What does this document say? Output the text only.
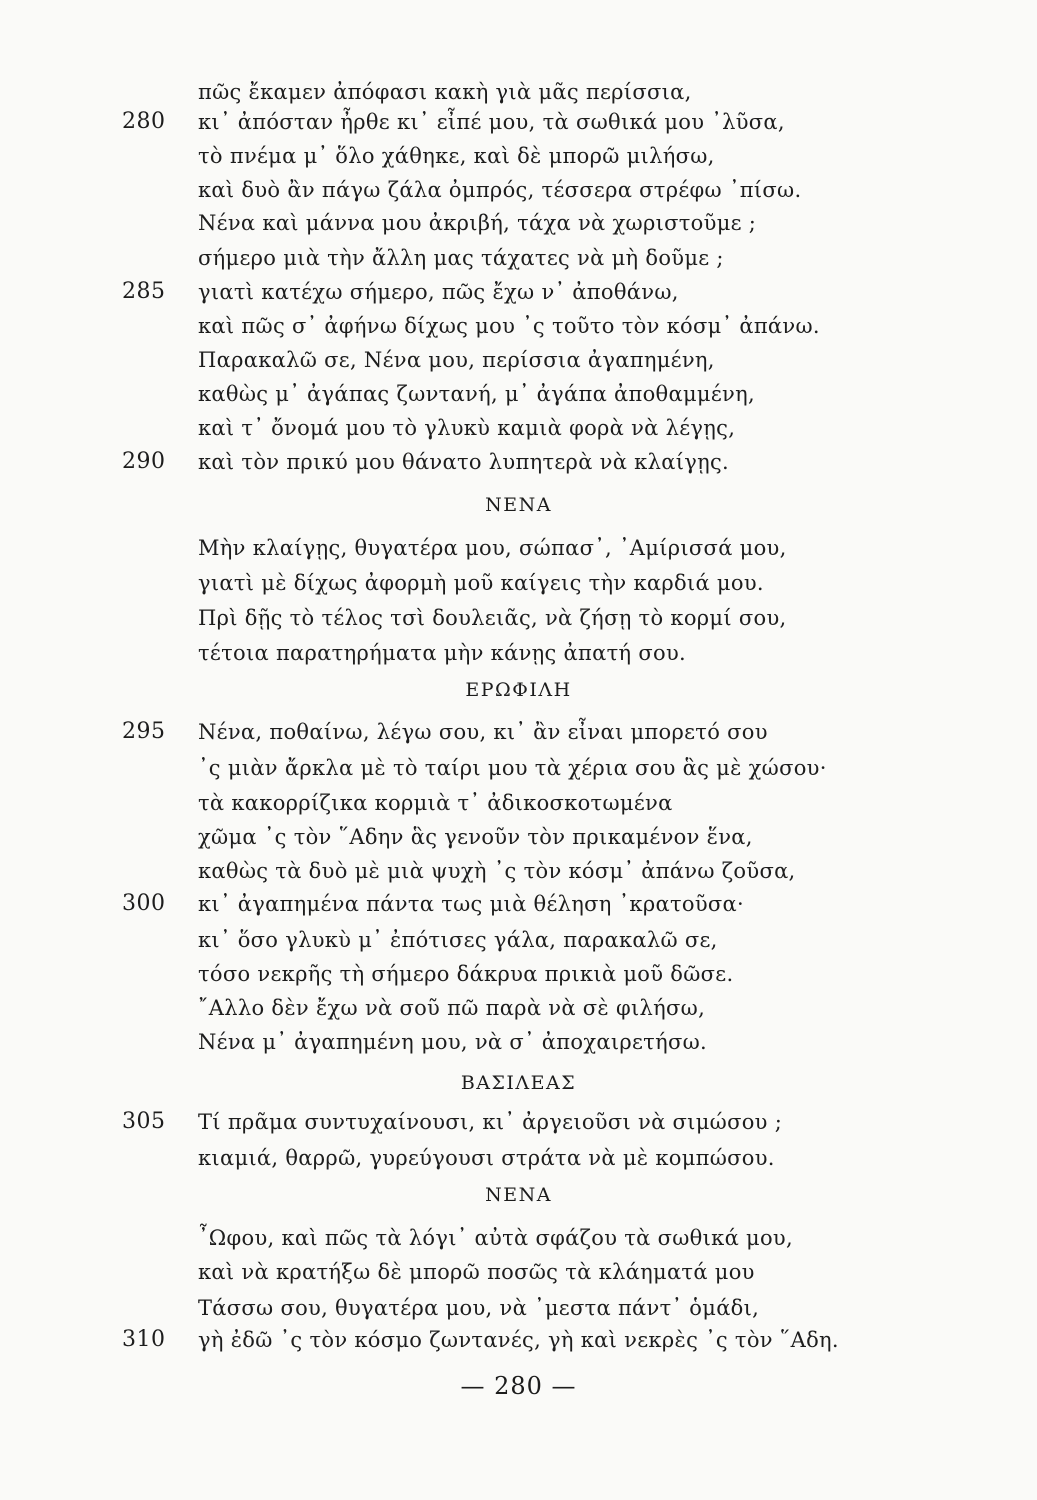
πῶς ἔκαμεν ἀπόφασι κακὴ γιὰ μᾶς περίσσια,
280 κι᾿ ἀπόσταν ἦρθε κι᾿ εἶπέ μου, τὰ σωθικά μου ᾿λῦσα,
τὸ πνέμα μ᾿ ὅλο χάθηκε, καὶ δὲ μπορῶ μιλήσω,
καὶ δυὸ ἂν πάγω ζάλα ὀμπρός, τέσσερα στρέφω ᾿πίσω.
Νένα καὶ μάννα μου ἀκριβή, τάχα νὰ χωριστοῦμε ;
σήμερο μιὰ τὴν ἄλλη μας τάχατες νὰ μὴ δοῦμε ;
285 γιατὶ κατέχω σήμερο, πῶς ἔχω ν᾿ ἀποθάνω,
καὶ πῶς σ᾿ ἀφήνω δίχως μου ᾿ς τοῦτο τὸν κόσμ᾿ ἀπάνω.
Παρακαλῶ σε, Νένα μου, περίσσια ἀγαπημένη,
καθὼς μ᾿ ἀγάπας ζωντανή, μ᾿ ἀγάπα ἀποθαμμένη,
καὶ τ᾿ ὄνομά μου τὸ γλυκὺ καμιὰ φορὰ νὰ λέγῃς,
290 καὶ τὸν πρικύ μου θάνατο λυπητερὰ νὰ κλαίγῃς.
ΝΕΝΑ
Μὴν κλαίγῃς, θυγατέρα μου, σώπασ᾿, ᾿Αμίρισσά μου,
γιατὶ μὲ δίχως ἀφορμὴ μοῦ καίγεις τὴν καρδιά μου.
Πρὶ δῇς τὸ τέλος τσὶ δουλειᾶς, νὰ ζήσῃ τὸ κορμί σου,
τέτοια παρατηρήματα μὴν κάνῃς ἀπατή σου.
ΕΡΩΦΙΛΗ
295 Νένα, ποθαίνω, λέγω σου, κι᾿ ἂν εἶναι μπορετό σου
᾿ς μιὰν ἄρκλα μὲ τὸ ταίρι μου τὰ χέρια σου ἃς μὲ χώσου·
τὰ κακορρίζικα κορμιὰ τ᾿ ἀδικοσκοτωμένα
χῶμα ᾿ς τὸν ῞Αδην ἃς γενοῦν τὸν πρικαμένον ἕνα,
καθὼς τὰ δυὸ μὲ μιὰ ψυχὴ ᾿ς τὸν κόσμ᾿ ἀπάνω ζοῦσα,
300 κι᾿ ἀγαπημένα πάντα τως μιὰ θέληση ᾿κρατοῦσα·
κι᾿ ὅσο γλυκὺ μ᾿ ἐπότισες γάλα, παρακαλῶ σε,
τόσο νεκρῆς τὴ σήμερο δάκρυα πρικιὰ μοῦ δῶσε.
῎Αλλο δὲν ἔχω νὰ σοῦ πῶ παρὰ νὰ σὲ φιλήσω,
Νένα μ᾿ ἀγαπημένη μου, νὰ σ᾿ ἀποχαιρετήσω.
ΒΑΣΙΛΕΑΣ
305 Τί πρᾶμα συντυχαίνουσι, κι᾿ ἀργειοῦσι νὰ σιμώσου ;
κιαμιά, θαρρῶ, γυρεύγουσι στράτα νὰ μὲ κομπώσου.
ΝΕΝΑ
῏Ωφου, καὶ πῶς τὰ λόγι᾿ αὐτὰ σφάζου τὰ σωθικά μου,
καὶ νὰ κρατήξω δὲ μπορῶ ποσῶς τὰ κλάηματά μου
Τάσσω σου, θυγατέρα μου, νὰ ᾿μεστα πάντ᾿ ὁμάδι,
310 γὴ ἐδῶ ᾿ς τὸν κόσμο ζωντανές, γὴ καὶ νεκρὲς ᾿ς τὸν ῞Αδη.
— 280 —
